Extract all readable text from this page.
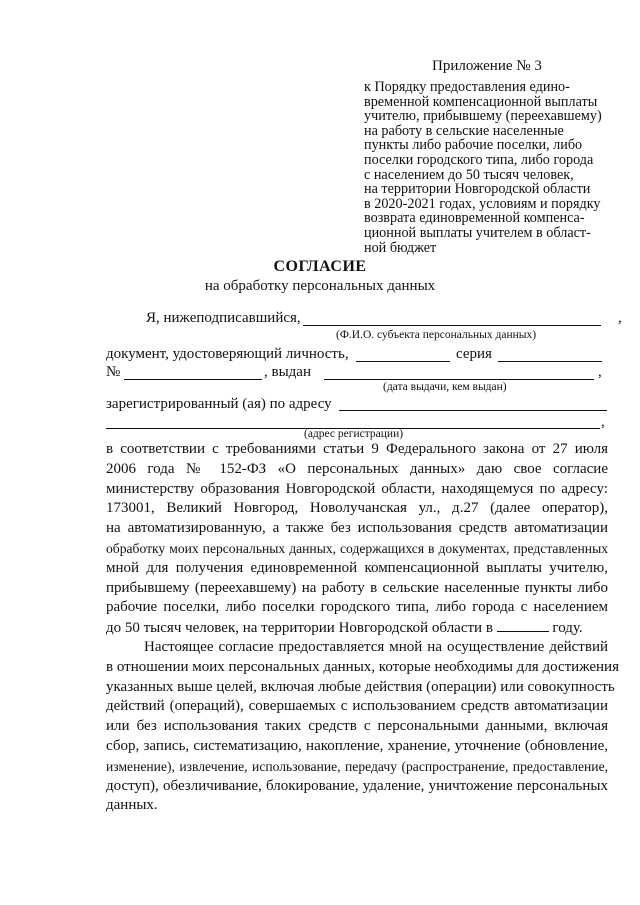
Приложение № 3
к Порядку предоставления едино-
временной компенсационной выплаты
учителю, прибывшему (переехавшему)
на работу в сельские населенные
пункты либо рабочие поселки, либо
поселки городского типа, либо города
с населением до 50 тысяч человек,
на территории Новгородской области
в 2020-2021 годах, условиям и порядку
возврата единовременной компенса-
ционной выплаты учителем в област-
ной бюджет
СОГЛАСИЕ
на обработку персональных данных
Я, нижеподписавшийся,	,
(Ф.И.О. субъекта персональных данных)
документ, удостоверяющий личность,	серия
№	, выдан	,
(дата выдачи, кем выдан)
зарегистрированный (ая) по адресу
,
(адрес регистрации)
в соответствии с требованиями статьи 9 Федерального закона от 27 июля
2006 года № 152-ФЗ «О персональных данных» даю свое согласие
министерству образования Новгородской области, находящемуся по адресу:
173001, Великий Новгород, Новолучанская ул., д.27 (далее оператор),
на автоматизированную, а также без использования средств автоматизации
обработку моих персональных данных, содержащихся в документах, представленных
мной для получения единовременной компенсационной выплаты учителю,
прибывшему (переехавшему) на работу в сельские населенные пункты либо
рабочие поселки, либо поселки городского типа, либо города с населением
до 50 тысяч человек, на территории Новгородской области в	году.
Настоящее согласие предоставляется мной на осуществление действий
в отношении моих персональных данных, которые необходимы для достижения
указанных выше целей, включая любые действия (операции) или совокупность
действий (операций), совершаемых с использованием средств автоматизации
или без использования таких средств с персональными данными, включая
сбор, запись, систематизацию, накопление, хранение, уточнение (обновление,
изменение), извлечение, использование, передачу (распространение, предоставление,
доступ), обезличивание, блокирование, удаление, уничтожение персональных
данных.
